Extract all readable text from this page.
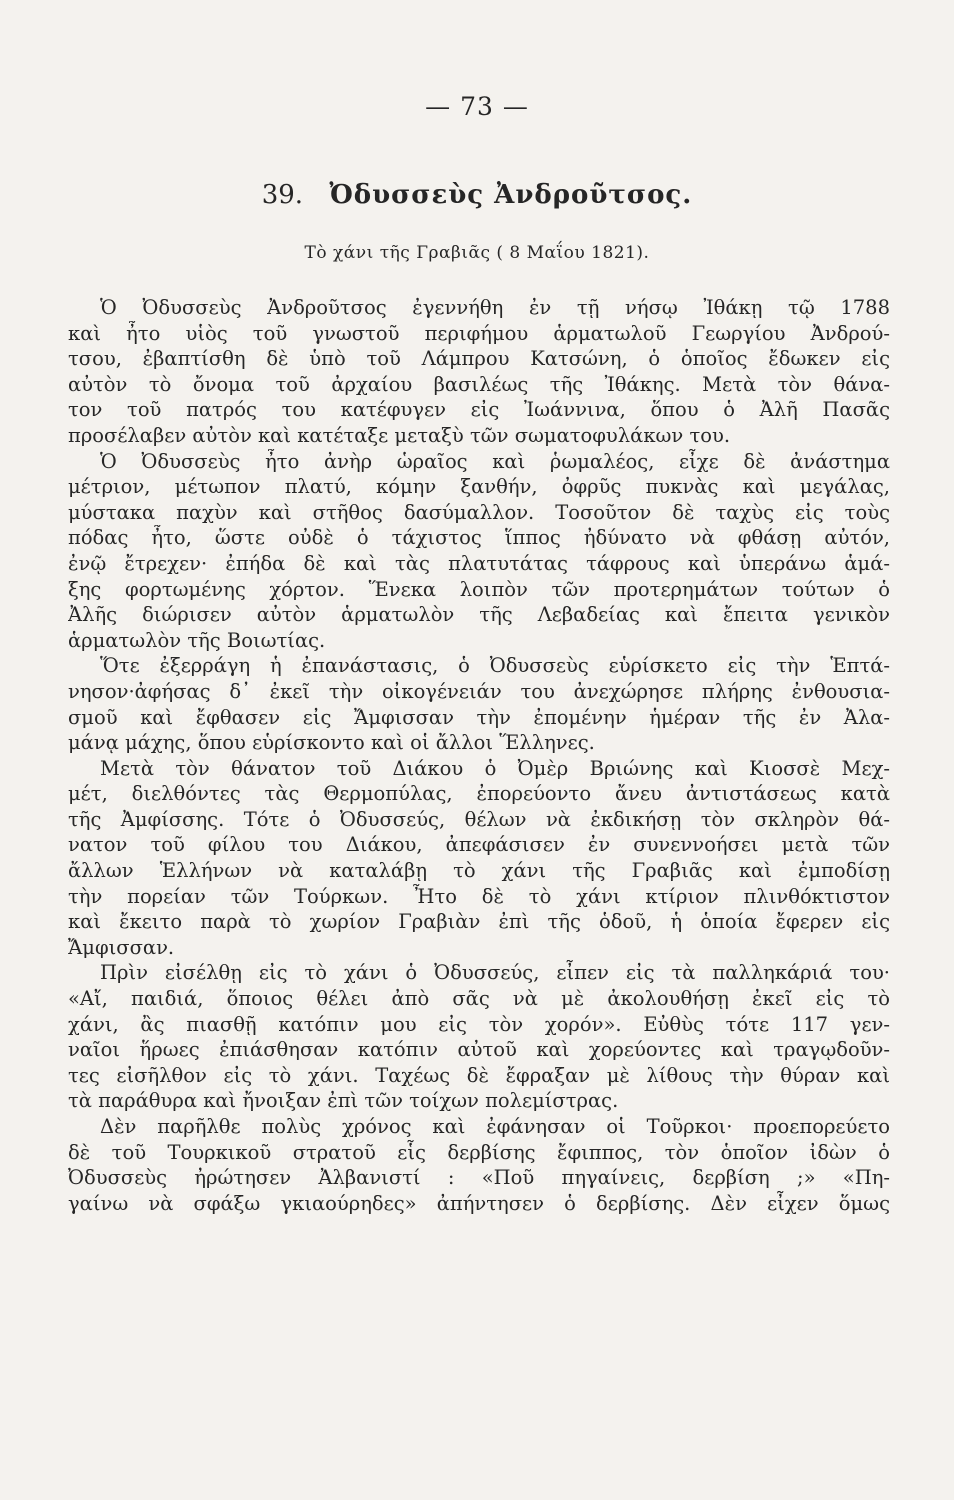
— 73 —
39. Ὀδυσσεὺς Ἀνδροῦτσος.
Τὸ χάνι τῆς Γραβιᾶς ( 8 Μαΐου 1821).
Ὁ Ὀδυσσεὺς Ἀνδροῦτσος ἐγεννήθη ἐν τῇ νήσῳ Ἰθάκῃ τῷ 1788
καὶ ἦτο υἱὸς τοῦ γνωστοῦ περιφήμου ἁρματωλοῦ Γεωργίου Ἀνδρού-
τσου, ἐβαπτίσθη δὲ ὑπὸ τοῦ Λάμπρου Κατσώνη, ὁ ὁποῖος ἔδωκεν εἰς
αὐτὸν τὸ ὄνομα τοῦ ἀρχαίου βασιλέως τῆς Ἰθάκης. Μετὰ τὸν θάνα-
τον τοῦ πατρός του κατέφυγεν εἰς Ἰωάννινα, ὅπου ὁ Ἀλῆ Πασᾶς
προσέλαβεν αὐτὸν καὶ κατέταξε μεταξὺ τῶν σωματοφυλάκων του.
Ὁ Ὀδυσσεὺς ἦτο ἀνὴρ ὡραῖος καὶ ῥωμαλέος, εἶχε δὲ ἀνάστημα
μέτριον, μέτωπον πλατύ, κόμην ξανθήν, ὀφρῦς πυκνὰς καὶ μεγάλας,
μύστακα παχὺν καὶ στῆθος δασύμαλλον. Τοσοῦτον δὲ ταχὺς εἰς τοὺς
πόδας ἦτο, ὥστε οὐδὲ ὁ τάχιστος ἵππος ἠδύνατο νὰ φθάσῃ αὐτόν,
ἐνῷ ἔτρεχεν· ἐπήδα δὲ καὶ τὰς πλατυτάτας τάφρους καὶ ὑπεράνω ἁμά-
ξης φορτωμένης χόρτον. Ἕνεκα λοιπὸν τῶν προτερημάτων τούτων ὁ
Ἀλῆς διώρισεν αὐτὸν ἁρματωλὸν τῆς Λεβαδείας καὶ ἔπειτα γενικὸν
ἁρματωλὸν τῆς Βοιωτίας.
Ὅτε ἐξερράγη ἡ ἐπανάστασις, ὁ Ὀδυσσεὺς εὑρίσκετο εἰς τὴν Ἑπτά-
νησον·ἀφήσας δ᾽ ἐκεῖ τὴν οἰκογένειάν του ἀνεχώρησε πλήρης ἐνθουσια-
σμοῦ καὶ ἔφθασεν εἰς Ἄμφισσαν τὴν ἐπομένην ἡμέραν τῆς ἐν Ἀλα-
μάνᾳ μάχης, ὅπου εὑρίσκοντο καὶ οἱ ἄλλοι Ἕλληνες.
Μετὰ τὸν θάνατον τοῦ Διάκου ὁ Ὀμὲρ Βριώνης καὶ Κιοσσὲ Μεχ-
μέτ, διελθόντες τὰς Θερμοπύλας, ἐπορεύοντο ἄνευ ἀντιστάσεως κατὰ
τῆς Ἀμφίσσης. Τότε ὁ Ὀδυσσεύς, θέλων νὰ ἐκδικήσῃ τὸν σκληρὸν θά-
νατον τοῦ φίλου του Διάκου, ἀπεφάσισεν ἐν συνεννοήσει μετὰ τῶν
ἄλλων Ἑλλήνων νὰ καταλάβῃ τὸ χάνι τῆς Γραβιᾶς καὶ ἐμποδίσῃ
τὴν πορείαν τῶν Τούρκων. Ἦτο δὲ τὸ χάνι κτίριον πλινθόκτιστον
καὶ ἔκειτο παρὰ τὸ χωρίον Γραβιὰν ἐπὶ τῆς ὁδοῦ, ἡ ὁποία ἔφερεν εἰς
Ἄμφισσαν.
Πρὶν εἰσέλθῃ εἰς τὸ χάνι ὁ Ὀδυσσεύς, εἶπεν εἰς τὰ παλληκάριά του·
«Αἴ, παιδιά, ὅποιος θέλει ἀπὸ σᾶς νὰ μὲ ἀκολουθήσῃ ἐκεῖ εἰς τὸ
χάνι, ἂς πιασθῇ κατόπιν μου εἰς τὸν χορόν». Εὐθὺς τότε 117 γεν-
ναῖοι ἥρωες ἐπιάσθησαν κατόπιν αὐτοῦ καὶ χορεύοντες καὶ τραγῳδοῦν-
τες εἰσῆλθον εἰς τὸ χάνι. Ταχέως δὲ ἔφραξαν μὲ λίθους τὴν θύραν καὶ
τὰ παράθυρα καὶ ἤνοιξαν ἐπὶ τῶν τοίχων πολεμίστρας.
Δὲν παρῆλθε πολὺς χρόνος καὶ ἐφάνησαν οἱ Τοῦρκοι· προεπορεύετο
δὲ τοῦ Τουρκικοῦ στρατοῦ εἷς δερβίσης ἔφιππος, τὸν ὁποῖον ἰδὼν ὁ
Ὀδυσσεὺς ἠρώτησεν Ἀλβανιστί : «Ποῦ πηγαίνεις, δερβίση ;» «Πη-
γαίνω νὰ σφάξω γκιαούρηδες» ἀπήντησεν ὁ δερβίσης. Δὲν εἶχεν ὅμως
